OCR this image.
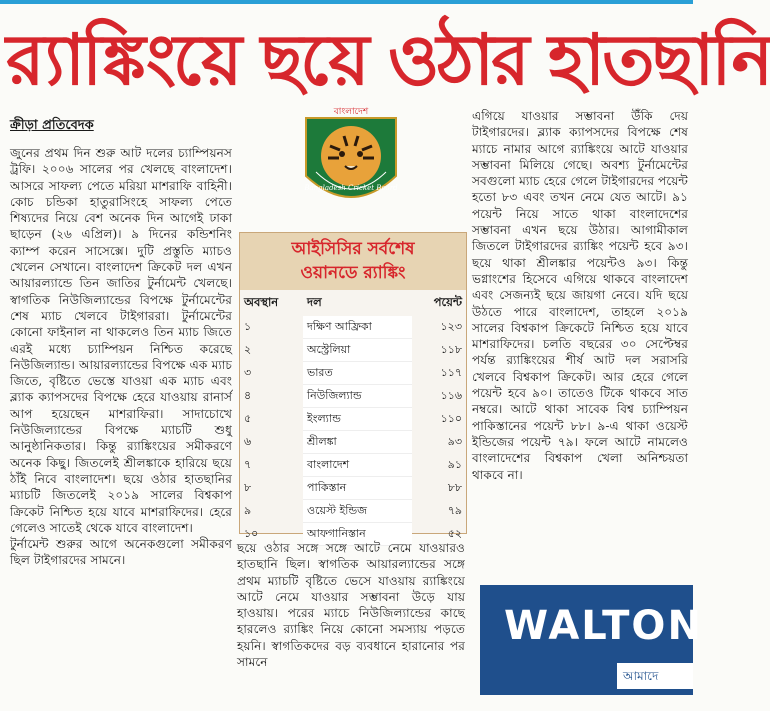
র‌্যাঙ্কিংয়ে ছয়ে ওঠার হাতছানি
ক্রীড়া প্রতিবেদক

জুনের প্রথম দিন শুরু আট দলের চ্যাম্পিয়নস ট্রফি। ২০০৬ সালের পর খেলছে বাংলাদেশ। আসরে সাফল্য পেতে মরিয়া মাশরাফি বাহিনী। কোচ চন্ডিকা হাতুরাসিংহে সাফল্য পেতে শিষ্যদের নিয়ে বেশ অনেক দিন আগেই ঢাকা ছাড়েন (২৬ এপ্রিল)। ৯ দিনের কন্ডিশনিং ক্যাম্প করেন সাসেক্সে। দুটি প্রস্তুতি ম্যাচও খেলেন সেখানে। বাংলাদেশ ক্রিকেট দল এখন আয়ারল্যান্ডে তিন জাতির টুর্নামেন্ট খেলছে। স্বাগতিক নিউজিল্যান্ডের বিপক্ষে টুর্নামেন্টের শেষ ম্যাচ খেলবে টাইগাররা। টুর্নামেন্টের কোনো ফাইনাল না থাকলেও তিন ম্যাচ জিতে এরই মধ্যে চ্যাম্পিয়ন নিশ্চিত করেছে নিউজিল্যান্ড। আয়ারল্যান্ডের বিপক্ষে এক ম্যাচ জিতে, বৃষ্টিতে ভেস্তে যাওয়া এক ম্যাচ এবং ব্ল্যাক ক্যাপসদের বিপক্ষে হেরে যাওয়ায় রানার্স আপ হয়েছেন মাশরাফিরা। সাদাচোখে নিউজিল্যান্ডের বিপক্ষে ম্যাচটি শুধু আনুষ্ঠানিকতার। কিন্তু র‌্যাঙ্কিংয়ের সমীকরণে অনেক কিছু। জিতলেই শ্রীলঙ্কাকে হারিয়ে ছয়ে ঠাঁই নিবে বাংলাদেশ। ছয়ে ওঠার হাতছানির ম্যাচটি জিতলেই ২০১৯ সালের বিশ্বকাপ ক্রিকেট নিশ্চিত হয়ে যাবে মাশরাফিদের। হেরে গেলেও সাতেই থেকে যাবে বাংলাদেশ।

টুর্নামেন্ট শুরুর আগে অনেকগুলো সমীকরণ ছিল টাইগারদের সামনে।

বাংলাদেশ
Bangladesh Cricket Board
আইসিসির সর্বশেষ
ওয়ানডে র‌্যাঙ্কিং
অবস্থান	দল	পয়েন্ট
১	দক্ষিণ আফ্রিকা	১২৩
২	অস্ট্রেলিয়া	১১৮
৩	ভারত	১১৭
৪	নিউজিল্যান্ড	১১৬
৫	ইংল্যান্ড	১১০
৬	শ্রীলঙ্কা	৯৩
৭	বাংলাদেশ	৯১
৮	পাকিস্তান	৮৮
৯	ওয়েস্ট ইন্ডিজ	৭৯
১০	আফগানিস্তান	৫২

ছয়ে ওঠার সঙ্গে সঙ্গে আটে নেমে যাওয়ারও হাতছানি ছিল। স্বাগতিক আয়ারল্যান্ডের সঙ্গে প্রথম ম্যাচটি বৃষ্টিতে ভেসে যাওয়ায় র‌্যাঙ্কিংয়ে আটে নেমে যাওয়ার সম্ভাবনা উড়ে যায় হাওয়ায়। পরের ম্যাচে নিউজিল্যান্ডের কাছে হারলেও র‌্যাঙ্কিং নিয়ে কোনো সমস্যায় পড়তে হয়নি। স্বাগতিকদের বড় ব্যবধানে হারানোর পর সামনে

এগিয়ে যাওয়ার সম্ভাবনা উঁকি দেয় টাইগারদের। ব্ল্যাক ক্যাপসদের বিপক্ষে শেষ ম্যাচে নামার আগে র‌্যাঙ্কিংয়ে আটে যাওয়ার সম্ভাবনা মিলিয়ে গেছে। অবশ্য টুর্নামেন্টের সবগুলো ম্যাচ হেরে গেলে টাইগারদের পয়েন্ট হতো ৮৩ এবং তখন নেমে যেত আটে। ৯১ পয়েন্ট নিয়ে সাতে থাকা বাংলাদেশের সম্ভাবনা এখন ছয়ে উঠার। আগামীকাল জিতলে টাইগারদের র‌্যাঙ্কিং পয়েন্ট হবে ৯৩। ছয়ে থাকা শ্রীলঙ্কার পয়েন্টও ৯৩। কিন্তু ভগ্নাংশের হিসেবে এগিয়ে থাকবে বাংলাদেশ এবং সেজন্যই ছয়ে জায়গা নেবে। যদি ছয়ে উঠতে পারে বাংলাদেশ, তাহলে ২০১৯ সালের বিশ্বকাপ ক্রিকেটে নিশ্চিত হয়ে যাবে মাশরাফিদের। চলতি বছরের ৩০ সেপ্টেম্বর পর্যন্ত র‌্যাঙ্কিংয়ের শীর্ষ আট দল সরাসরি খেলবে বিশ্বকাপ ক্রিকেট। আর হেরে গেলে পয়েন্ট হবে ৯০। তাতেও টিকে থাকবে সাত নম্বরে। আটে থাকা সাবেক বিশ্ব চ্যাম্পিয়ন পাকিস্তানের পয়েন্ট ৮৮। ৯-এ থাকা ওয়েস্ট ইন্ডিজের পয়েন্ট ৭৯। ফলে আটে নামলেও বাংলাদেশের বিশ্বকাপ খেলা অনিশ্চয়তা থাকবে না।

WALTON
আমাদে
